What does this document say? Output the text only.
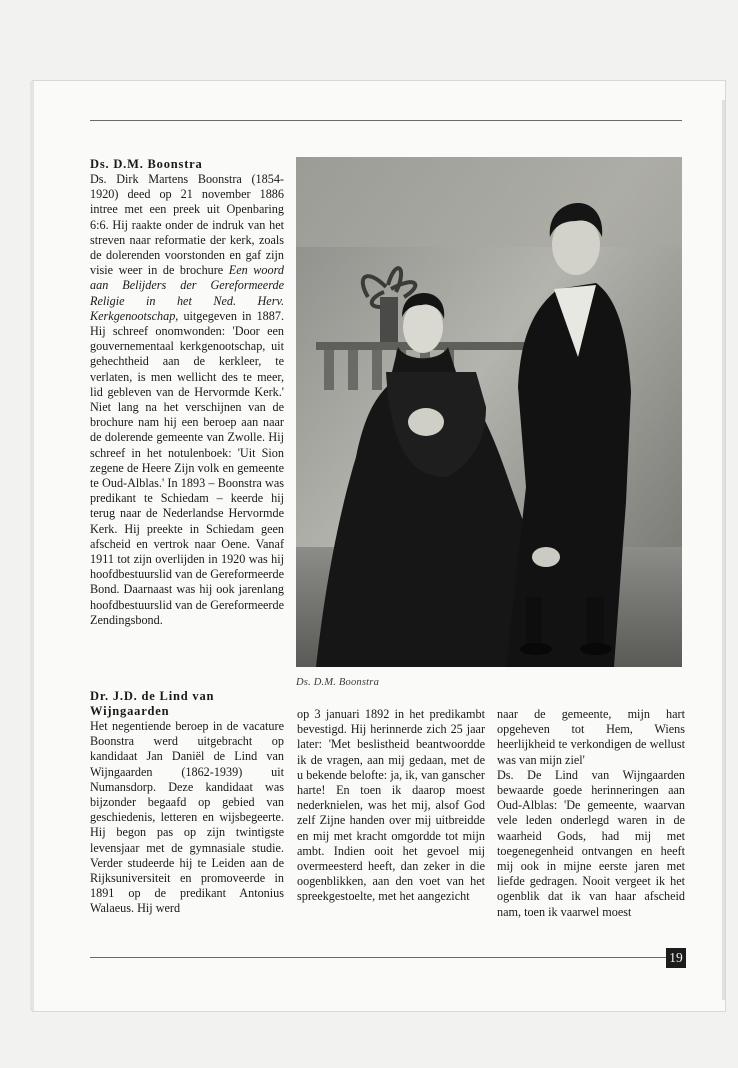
Ds. D.M. Boonstra

Ds. Dirk Martens Boonstra (1854-1920) deed op 21 november 1886 intree met een preek uit Openbaring 6:6. Hij raakte onder de indruk van het streven naar reformatie der kerk, zoals de dolerenden voorstonden en gaf zijn visie weer in de brochure Een woord aan Belijders der Gereformeerde Religie in het Ned. Herv. Kerkgenootschap, uitgegeven in 1887. Hij schreef onomwonden: 'Door een gouvernementaal kerkgenootschap, uit gehechtheid aan de kerkleer, te verlaten, is men wellicht des te meer, lid gebleven van de Hervormde Kerk.' Niet lang na het verschijnen van de brochure nam hij een beroep aan naar de dolerende gemeente van Zwolle. Hij schreef in het notulenboek: 'Uit Sion zegene de Heere Zijn volk en gemeente te Oud-Alblas.' In 1893 – Boonstra was predikant te Schiedam – keerde hij terug naar de Nederlandse Hervormde Kerk. Hij preekte in Schiedam geen afscheid en vertrok naar Oene. Vanaf 1911 tot zijn overlijden in 1920 was hij hoofdbestuurslid van de Gereformeerde Bond. Daarnaast was hij ook jarenlang hoofdbestuurslid van de Gereformeerde Zendingsbond.

Ds. D.M. Boonstra

Dr. J.D. de Lind van Wijngaarden

Het negentiende beroep in de vacature Boonstra werd uitgebracht op kandidaat Jan Daniël de Lind van Wijngaarden (1862-1939) uit Numansdorp. Deze kandidaat was bijzonder begaafd op gebied van geschiedenis, letteren en wijsbegeerte. Hij begon pas op zijn twintigste levensjaar met de gymnasiale studie. Verder studeerde hij te Leiden aan de Rijksuniversiteit en promoveerde in 1891 op de predikant Antonius Walaeus. Hij werd

op 3 januari 1892 in het predikambt bevestigd. Hij herinnerde zich 25 jaar later: 'Met beslistheid beantwoordde ik de vragen, aan mij gedaan, met de u bekende belofte: ja, ik, van ganscher harte! En toen ik daarop moest nederknielen, was het mij, alsof God zelf Zijne handen over mij uitbreidde en mij met kracht omgordde tot mijn ambt. Indien ooit het gevoel mij overmeesterd heeft, dan zeker in die oogenblikken, aan den voet van het spreekgestoelte, met het aangezicht

naar de gemeente, mijn hart opgeheven tot Hem, Wiens heerlijkheid te verkondigen de wellust was van mijn ziel'

Ds. De Lind van Wijngaarden bewaarde goede herinneringen aan Oud-Alblas: 'De gemeente, waarvan vele leden onderlegd waren in de waarheid Gods, had mij met toegenegenheid ontvangen en heeft mij ook in mijne eerste jaren met liefde gedragen. Nooit vergeet ik het ogenblik dat ik van haar afscheid nam, toen ik vaarwel moest

19
